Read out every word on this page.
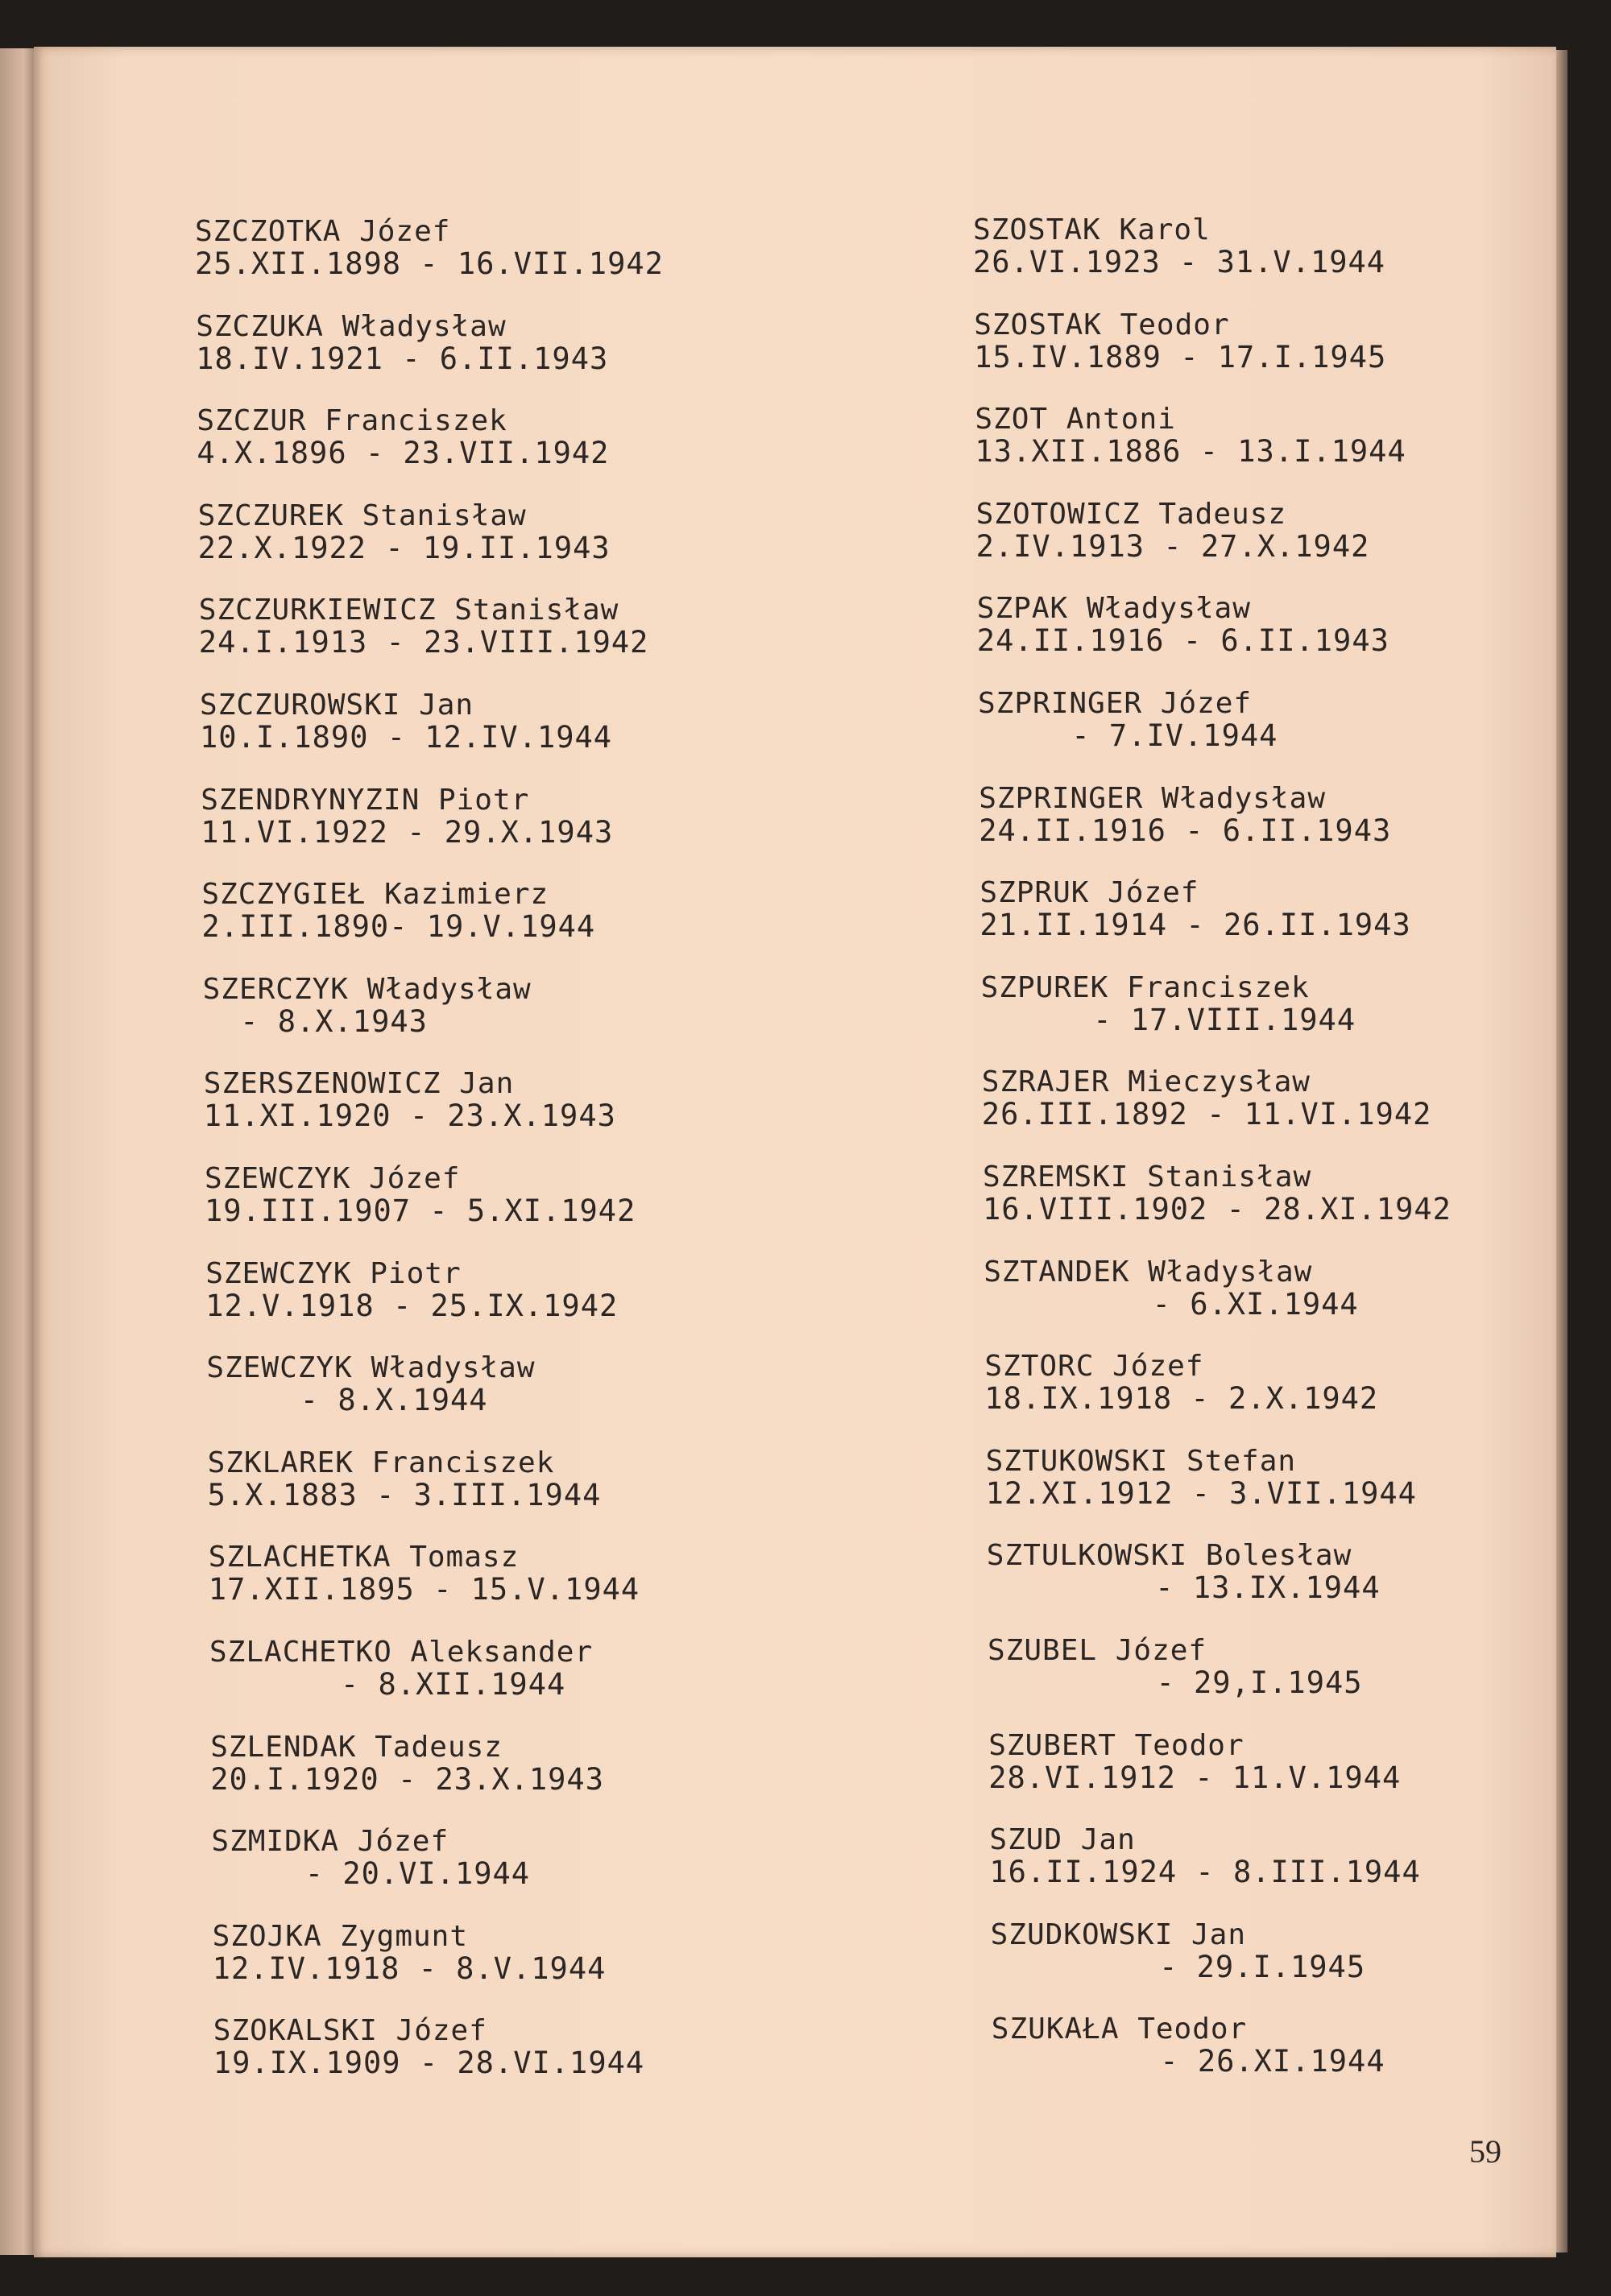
SZCZOTKA Józef
25.XII.1898 - 16.VII.1942
SZCZUKA Władysław
18.IV.1921 - 6.II.1943
SZCZUR Franciszek
4.X.1896 - 23.VII.1942
SZCZUREK Stanisław
22.X.1922 - 19.II.1943
SZCZURKIEWICZ Stanisław
24.I.1913 - 23.VIII.1942
SZCZUROWSKI Jan
10.I.1890 - 12.IV.1944
SZENDRYNYZIN Piotr
11.VI.1922 - 29.X.1943
SZCZYGIEŁ Kazimierz
2.III.1890- 19.V.1944
SZERCZYK Władysław
- 8.X.1943
SZERSZENOWICZ Jan
11.XI.1920 - 23.X.1943
SZEWCZYK Józef
19.III.1907 - 5.XI.1942
SZEWCZYK Piotr
12.V.1918 - 25.IX.1942
SZEWCZYK Władysław
- 8.X.1944
SZKLAREK Franciszek
5.X.1883 - 3.III.1944
SZLACHETKA Tomasz
17.XII.1895 - 15.V.1944
SZLACHETKO Aleksander
- 8.XII.1944
SZLENDAK Tadeusz
20.I.1920 - 23.X.1943
SZMIDKA Józef
- 20.VI.1944
SZOJKA Zygmunt
12.IV.1918 - 8.V.1944
SZOKALSKI Józef
19.IX.1909 - 28.VI.1944
SZOSTAK Karol
26.VI.1923 - 31.V.1944
SZOSTAK Teodor
15.IV.1889 - 17.I.1945
SZOT Antoni
13.XII.1886 - 13.I.1944
SZOTOWICZ Tadeusz
2.IV.1913 - 27.X.1942
SZPAK Władysław
24.II.1916 - 6.II.1943
SZPRINGER Józef
- 7.IV.1944
SZPRINGER Władysław
24.II.1916 - 6.II.1943
SZPRUK Józef
21.II.1914 - 26.II.1943
SZPUREK Franciszek
- 17.VIII.1944
SZRAJER Mieczysław
26.III.1892 - 11.VI.1942
SZREMSKI Stanisław
16.VIII.1902 - 28.XI.1942
SZTANDEK Władysław
- 6.XI.1944
SZTORC Józef
18.IX.1918 - 2.X.1942
SZTUKOWSKI Stefan
12.XI.1912 - 3.VII.1944
SZTULKOWSKI Bolesław
- 13.IX.1944
SZUBEL Józef
- 29,I.1945
SZUBERT Teodor
28.VI.1912 - 11.V.1944
SZUD Jan
16.II.1924 - 8.III.1944
SZUDKOWSKI Jan
- 29.I.1945
SZUKAŁA Teodor
- 26.XI.1944
59
